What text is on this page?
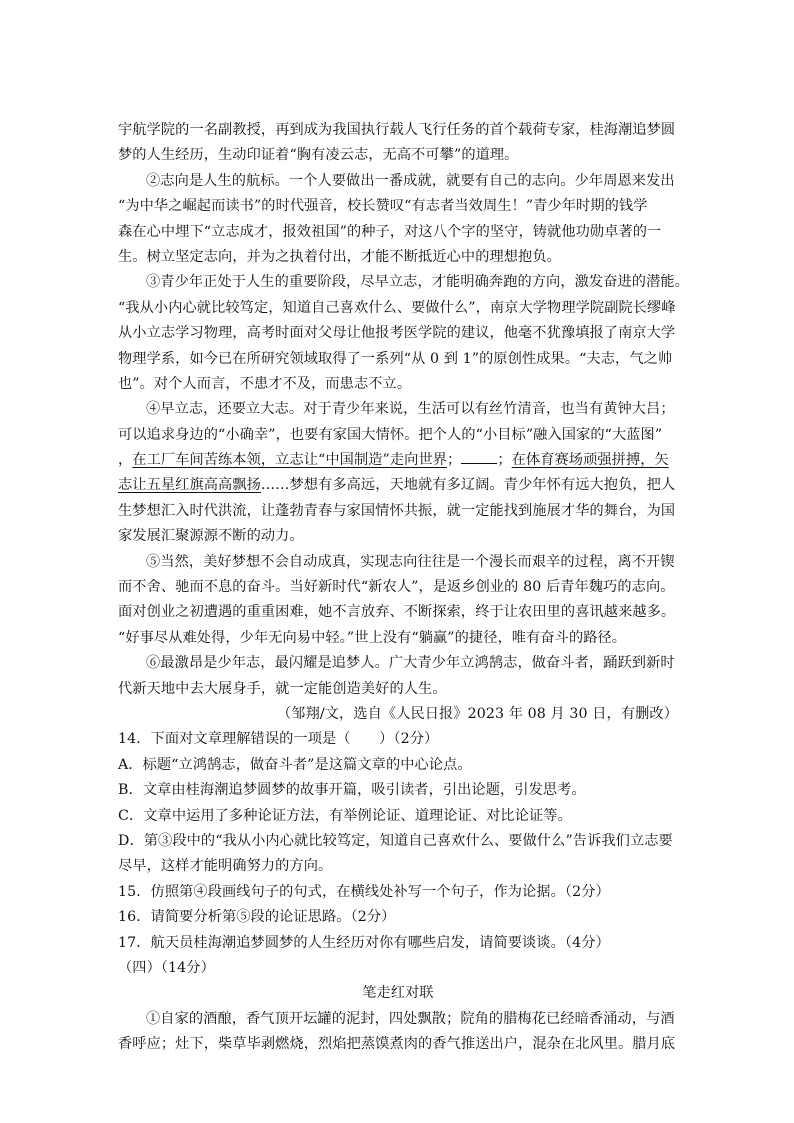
宇航学院的一名副教授，再到成为我国执行载人飞行任务的首个载荷专家，桂海潮追梦圆
梦的人生经历，生动印证着“胸有凌云志，无高不可攀”的道理。
②志向是人生的航标。一个人要做出一番成就，就要有自己的志向。少年周恩来发出
“为中华之崛起而读书”的时代强音，校长赞叹“有志者当效周生！”青少年时期的钱学
森在心中埋下“立志成才，报效祖国”的种子，对这八个字的坚守，铸就他功勋卓著的一
生。树立坚定志向，并为之执着付出，才能不断抵近心中的理想抱负。
③青少年正处于人生的重要阶段，尽早立志，才能明确奔跑的方向，激发奋进的潜能。
“我从小内心就比较笃定，知道自己喜欢什么、要做什么”，南京大学物理学院副院长缪峰
从小立志学习物理，高考时面对父母让他报考医学院的建议，他毫不犹豫填报了南京大学
物理学系，如今已在所研究领域取得了一系列“从 0 到 1”的原创性成果。“夫志，气之帅
也”。对个人而言，不患才不及，而患志不立。
④早立志，还要立大志。对于青少年来说，生活可以有丝竹清音，也当有黄钟大吕；
可以追求身边的“小确幸”，也要有家国大情怀。把个人的“小目标”融入国家的“大蓝图”
，在工厂车间苦练本领，立志让“中国制造”走向世界；	；在体育赛场顽强拼搏，矢
志让五星红旗高高飘扬……梦想有多高远，天地就有多辽阔。青少年怀有远大抱负，把人
生梦想汇入时代洪流，让蓬勃青春与家国情怀共振，就一定能找到施展才华的舞台，为国
家发展汇聚源源不断的动力。
⑤当然，美好梦想不会自动成真，实现志向往往是一个漫长而艰辛的过程，离不开锲
而不舍、驰而不息的奋斗。当好新时代“新农人”，是返乡创业的 80 后青年魏巧的志向。
面对创业之初遭遇的重重困难，她不言放弃、不断探索，终于让农田里的喜讯越来越多。
“好事尽从难处得，少年无向易中轻。”世上没有“躺赢”的捷径，唯有奋斗的路径。
⑥最激昂是少年志，最闪耀是追梦人。广大青少年立鸿鹄志，做奋斗者，踊跃到新时
代新天地中去大展身手，就一定能创造美好的人生。
（邹翔/文，选自《人民日报》2023 年 08 月 30 日，有删改）
14．下面对文章理解错误的一项是（　　）（2分）
A．标题“立鸿鹄志，做奋斗者”是这篇文章的中心论点。
B．文章由桂海潮追梦圆梦的故事开篇，吸引读者，引出论题，引发思考。
C．文章中运用了多种论证方法，有举例论证、道理论证、对比论证等。
D．第③段中的“我从小内心就比较笃定，知道自己喜欢什么、要做什么”告诉我们立志要
尽早，这样才能明确努力的方向。
15．仿照第④段画线句子的句式，在横线处补写一个句子，作为论据。（2分）
16．请简要分析第⑤段的论证思路。（2分）
17．航天员桂海潮追梦圆梦的人生经历对你有哪些启发，请简要谈谈。（4分）
（四）（14分）
笔走红对联
①自家的酒酿，香气顶开坛罐的泥封，四处飘散；院角的腊梅花已经暗香涌动，与酒
香呼应；灶下，柴草毕剥燃烧，烈焰把蒸馍煮肉的香气推送出户，混杂在北风里。腊月底
